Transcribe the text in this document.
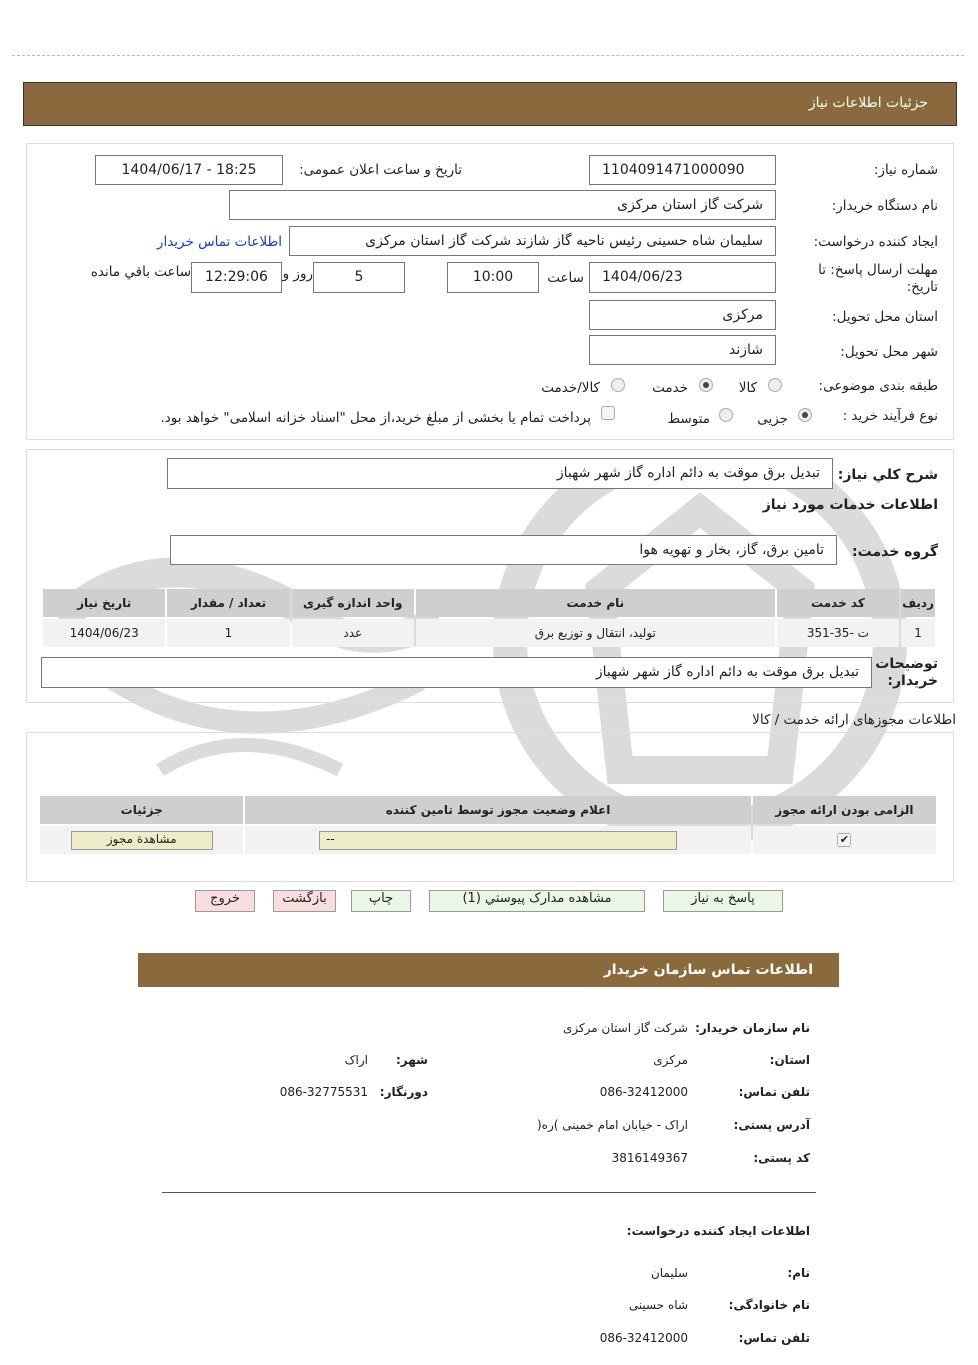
جزئیات اطلاعات نیاز
شماره نیاز:
1104091471000090
تاریخ و ساعت اعلان عمومی:
1404/06/17 - 18:25
نام دستگاه خریدار:
شرکت گاز استان مرکزی
ایجاد کننده درخواست:
سلیمان شاه حسینی رئیس ناحیه گاز شازند شرکت گاز استان مرکزی
اطلاعات تماس خریدار
مهلت ارسال پاسخ: تا تاریخ:
1404/06/23
ساعت
10:00
5
روز و
12:29:06
ساعت باقي مانده
استان محل تحویل:
مرکزی
شهر محل تحویل:
شازند
طبقه بندی موضوعی:
کالا
خدمت
کالا/خدمت
نوع فرآیند خرید :
جزیی
متوسط
پرداخت تمام یا بخشی از مبلغ خرید،از محل "اسناد خزانه اسلامی" خواهد بود.
شرح کلي نياز:
تبدیل برق موقت به دائم اداره گاز شهر شهباز
اطلاعات خدمات مورد نیاز
گروه خدمت:
تامین برق، گاز، بخار و تهویه هوا
ردیف	کد خدمت	نام خدمت	واحد اندازه گیری	تعداد / مقدار	تاریخ نیاز
1	ت -35-351	تولید، انتقال و توزیع برق	عدد	1	1404/06/23
توضیحات خریدار:
تبدیل برق موقت به دائم اداره گاز شهر شهباز
اطلاعات مجوزهای ارائه خدمت / کالا
الزامی بودن ارائه مجوز	اعلام وضعیت مجوز توسط تامین کننده	جزئیات
✔	--	مشاهدة مجوز
پاسخ به نیاز
مشاهده مدارک پیوستي (1)
چاپ
بازگشت
خروج
اطلاعات تماس سازمان خریدار
نام سازمان خریدار:
شرکت گاز استان مرکزی
استان:
مرکزی
شهر:
اراک
تلفن تماس:
086-32412000
دورنگار:
086-32775531
آدرس پستی:
اراک - خیابان امام خمینی )ره(
کد پستی:
3816149367
اطلاعات ایجاد کننده درخواست:
نام:
سلیمان
نام خانوادگی:
شاه حسینی
تلفن تماس:
086-32412000
